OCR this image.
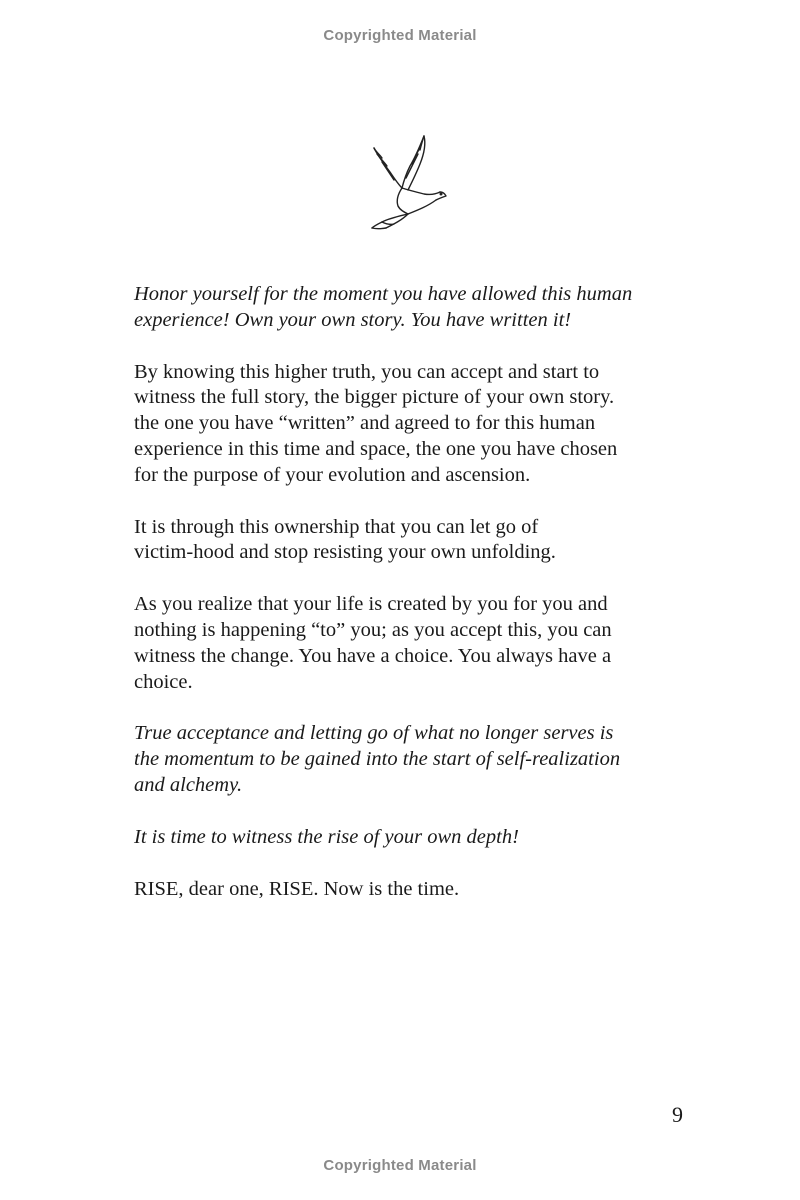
Copyrighted Material

Honor yourself for the moment you have allowed this human
experience! Own your own story. You have written it!

By knowing this higher truth, you can accept and start to
witness the full story, the bigger picture of your own story.
the one you have “written” and agreed to for this human
experience in this time and space, the one you have chosen
for the purpose of your evolution and ascension.

It is through this ownership that you can let go of
victim-hood and stop resisting your own unfolding.

As you realize that your life is created by you for you and
nothing is happening “to” you; as you accept this, you can
witness the change. You have a choice. You always have a
choice.

True acceptance and letting go of what no longer serves is
the momentum to be gained into the start of self-realization
and alchemy.

It is time to witness the rise of your own depth!

RISE, dear one, RISE. Now is the time.

9
Copyrighted Material
